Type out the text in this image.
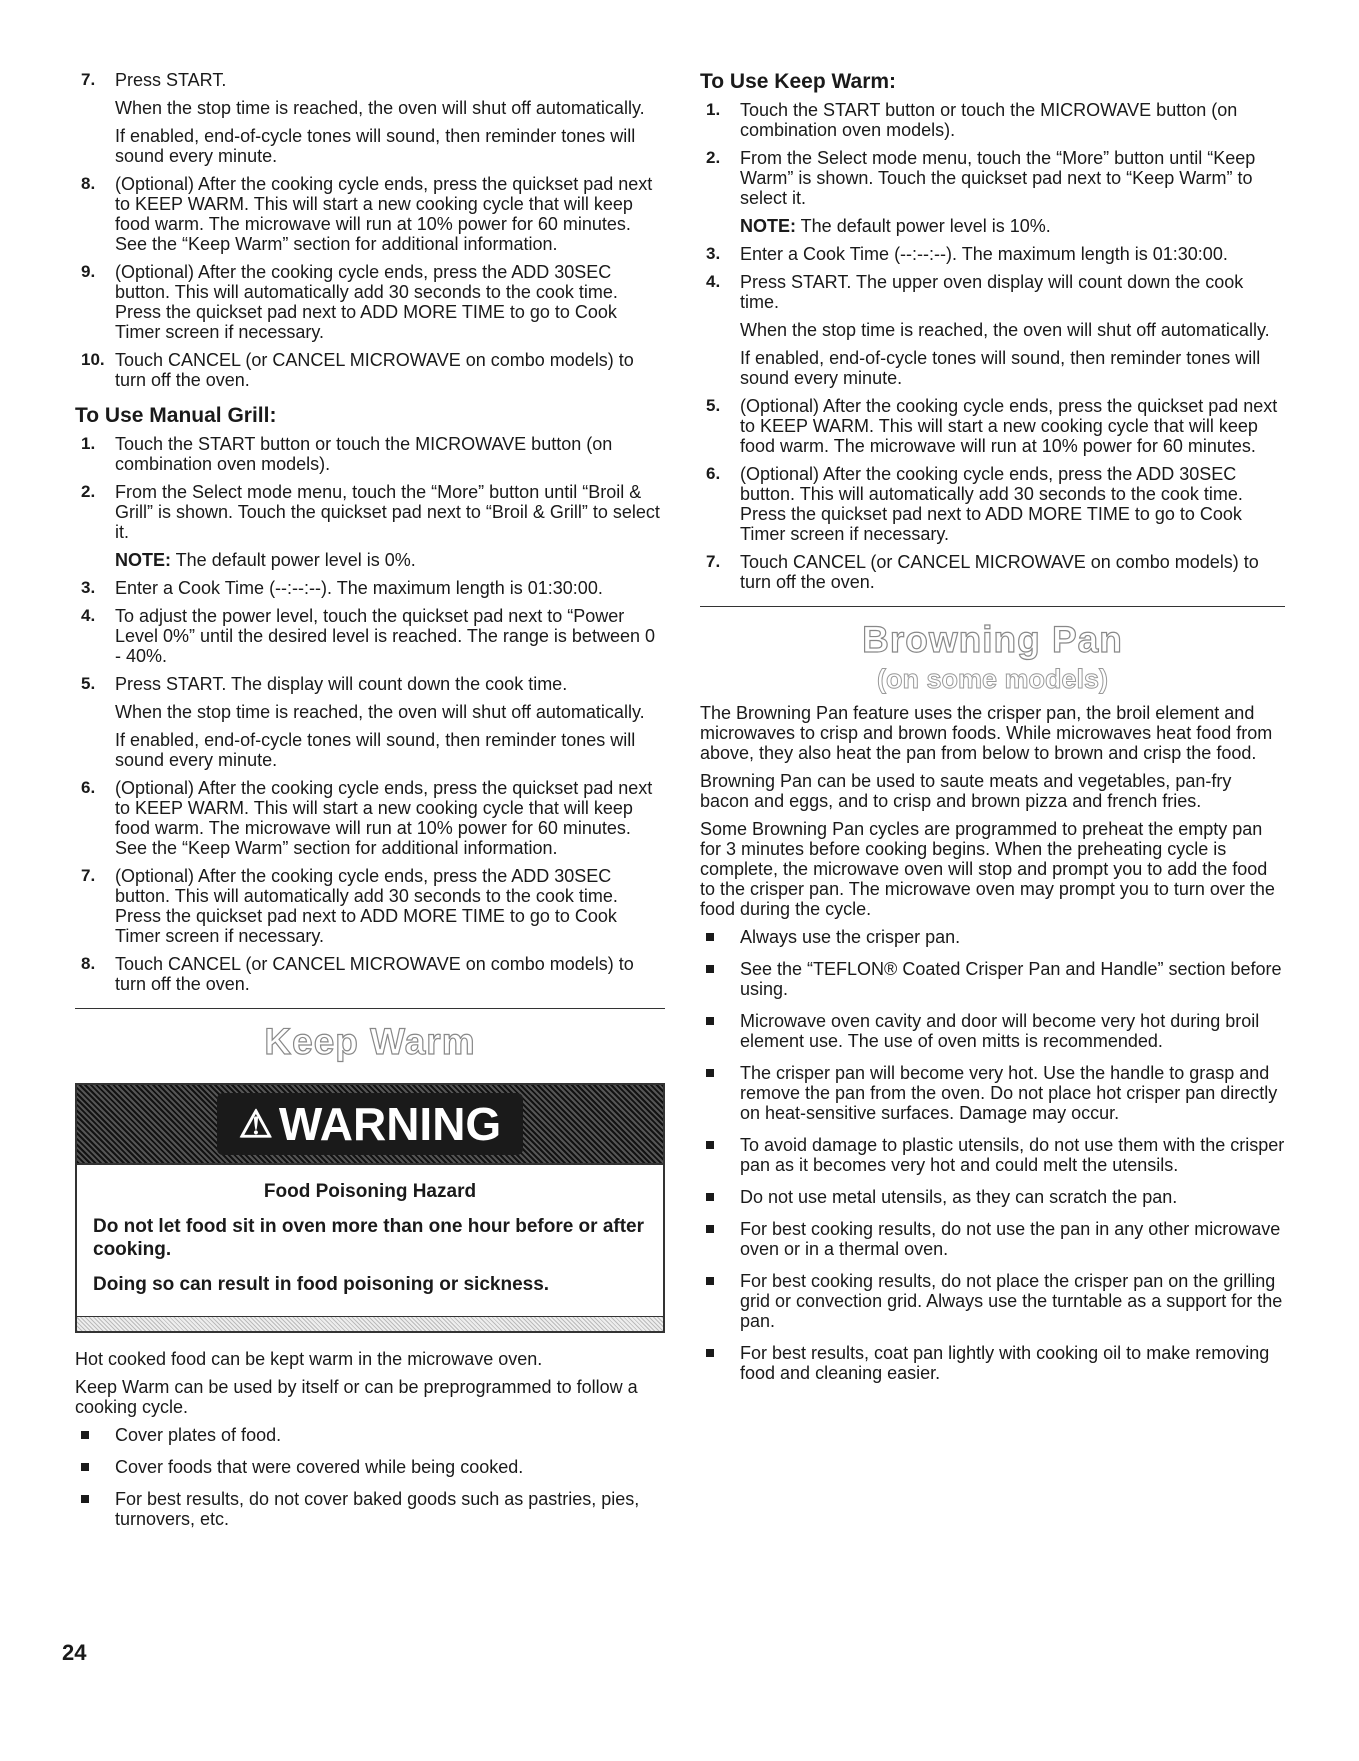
7. Press START.

When the stop time is reached, the oven will shut off automatically.

If enabled, end-of-cycle tones will sound, then reminder tones will sound every minute.

8. (Optional) After the cooking cycle ends, press the quickset pad next to KEEP WARM. This will start a new cooking cycle that will keep food warm. The microwave will run at 10% power for 60 minutes. See the “Keep Warm” section for additional information.

9. (Optional) After the cooking cycle ends, press the ADD 30SEC button. This will automatically add 30 seconds to the cook time. Press the quickset pad next to ADD MORE TIME to go to Cook Timer screen if necessary.

10. Touch CANCEL (or CANCEL MICROWAVE on combo models) to turn off the oven.

To Use Manual Grill:
1. Touch the START button or touch the MICROWAVE button (on combination oven models).

2. From the Select mode menu, touch the “More” button until “Broil & Grill” is shown. Touch the quickset pad next to “Broil & Grill” to select it.

NOTE: The default power level is 0%.

3. Enter a Cook Time (--:--:--). The maximum length is 01:30:00.

4. To adjust the power level, touch the quickset pad next to “Power Level 0%” until the desired level is reached. The range is between 0 - 40%.

5. Press START. The display will count down the cook time.

When the stop time is reached, the oven will shut off automatically.

If enabled, end-of-cycle tones will sound, then reminder tones will sound every minute.

6. (Optional) After the cooking cycle ends, press the quickset pad next to KEEP WARM. This will start a new cooking cycle that will keep food warm. The microwave will run at 10% power for 60 minutes. See the “Keep Warm” section for additional information.

7. (Optional) After the cooking cycle ends, press the ADD 30SEC button. This will automatically add 30 seconds to the cook time. Press the quickset pad next to ADD MORE TIME to go to Cook Timer screen if necessary.

8. Touch CANCEL (or CANCEL MICROWAVE on combo models) to turn off the oven.

Keep Warm
⚠ WARNING
Food Poisoning Hazard

Do not let food sit in oven more than one hour before or after cooking.

Doing so can result in food poisoning or sickness.

Hot cooked food can be kept warm in the microwave oven.

Keep Warm can be used by itself or can be preprogrammed to follow a cooking cycle.

Cover plates of food.
Cover foods that were covered while being cooked.
For best results, do not cover baked goods such as pastries, pies, turnovers, etc.
To Use Keep Warm:
1. Touch the START button or touch the MICROWAVE button (on combination oven models).

2. From the Select mode menu, touch the “More” button until “Keep Warm” is shown. Touch the quickset pad next to “Keep Warm” to select it.

NOTE: The default power level is 10%.

3. Enter a Cook Time (--:--:--). The maximum length is 01:30:00.

4. Press START. The upper oven display will count down the cook time.

When the stop time is reached, the oven will shut off automatically.

If enabled, end-of-cycle tones will sound, then reminder tones will sound every minute.

5. (Optional) After the cooking cycle ends, press the quickset pad next to KEEP WARM. This will start a new cooking cycle that will keep food warm. The microwave will run at 10% power for 60 minutes.

6. (Optional) After the cooking cycle ends, press the ADD 30SEC button. This will automatically add 30 seconds to the cook time. Press the quickset pad next to ADD MORE TIME to go to Cook Timer screen if necessary.

7. Touch CANCEL (or CANCEL MICROWAVE on combo models) to turn off the oven.

Browning Pan
(on some models)

The Browning Pan feature uses the crisper pan, the broil element and microwaves to crisp and brown foods. While microwaves heat food from above, they also heat the pan from below to brown and crisp the food.

Browning Pan can be used to saute meats and vegetables, pan-fry bacon and eggs, and to crisp and brown pizza and french fries.

Some Browning Pan cycles are programmed to preheat the empty pan for 3 minutes before cooking begins. When the preheating cycle is complete, the microwave oven will stop and prompt you to add the food to the crisper pan. The microwave oven may prompt you to turn over the food during the cycle.

Always use the crisper pan.
See the “TEFLON® Coated Crisper Pan and Handle” section before using.
Microwave oven cavity and door will become very hot during broil element use. The use of oven mitts is recommended.
The crisper pan will become very hot. Use the handle to grasp and remove the pan from the oven. Do not place hot crisper pan directly on heat-sensitive surfaces. Damage may occur.
To avoid damage to plastic utensils, do not use them with the crisper pan as it becomes very hot and could melt the utensils.
Do not use metal utensils, as they can scratch the pan.
For best cooking results, do not use the pan in any other microwave oven or in a thermal oven.
For best cooking results, do not place the crisper pan on the grilling grid or convection grid. Always use the turntable as a support for the pan.
For best results, coat pan lightly with cooking oil to make removing food and cleaning easier.
24
